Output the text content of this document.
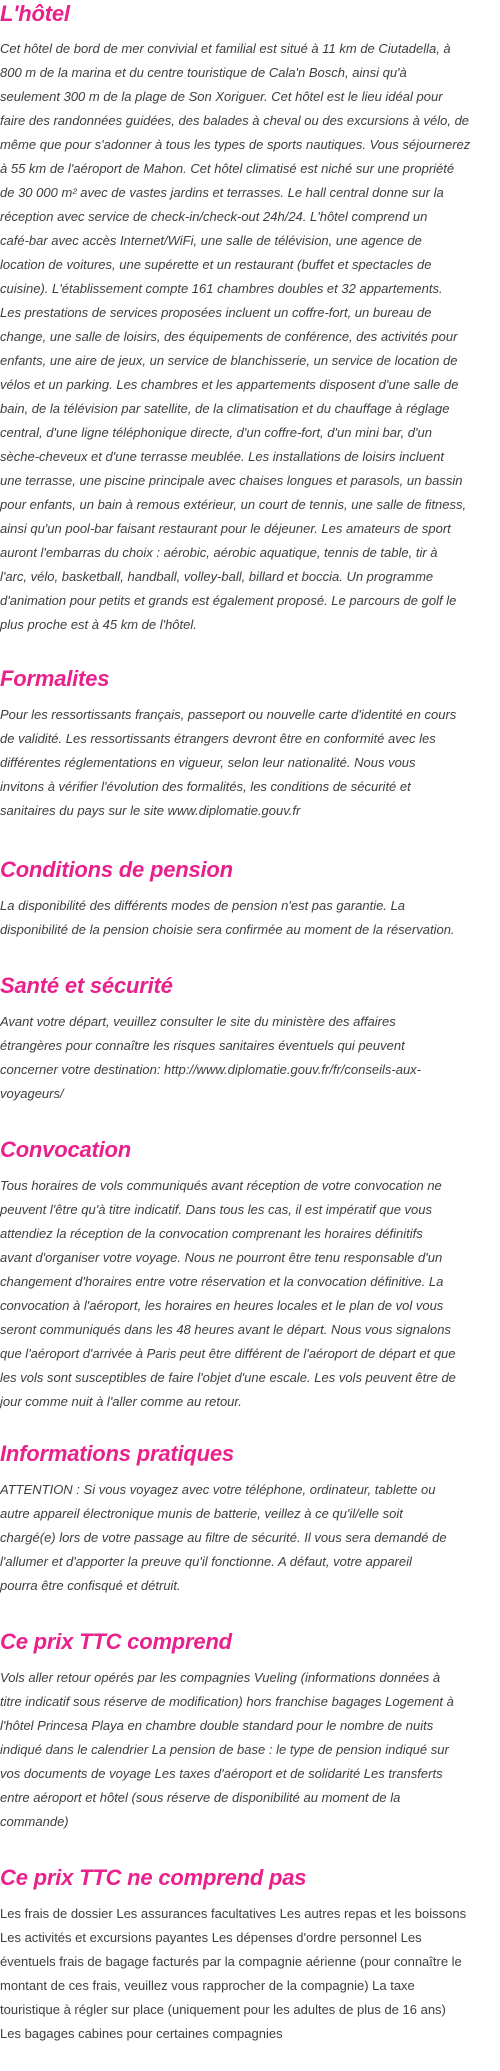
L'hôtel

Cet hôtel de bord de mer convivial et familial est situé à 11 km de Ciutadella, à
800 m de la marina et du centre touristique de Cala'n Bosch, ainsi qu'à
seulement 300 m de la plage de Son Xoriguer. Cet hôtel est le lieu idéal pour
faire des randonnées guidées, des balades à cheval ou des excursions à vélo, de
même que pour s'adonner à tous les types de sports nautiques. Vous séjournerez
à 55 km de l'aéroport de Mahon. Cet hôtel climatisé est niché sur une propriété
de 30 000 m² avec de vastes jardins et terrasses. Le hall central donne sur la
réception avec service de check-in/check-out 24h/24. L'hôtel comprend un
café-bar avec accès Internet/WiFi, une salle de télévision, une agence de
location de voitures, une supérette et un restaurant (buffet et spectacles de
cuisine). L'établissement compte 161 chambres doubles et 32 appartements.
Les prestations de services proposées incluent un coffre-fort, un bureau de
change, une salle de loisirs, des équipements de conférence, des activités pour
enfants, une aire de jeux, un service de blanchisserie, un service de location de
vélos et un parking. Les chambres et les appartements disposent d'une salle de
bain, de la télévision par satellite, de la climatisation et du chauffage à réglage
central, d'une ligne téléphonique directe, d'un coffre-fort, d'un mini bar, d'un
sèche-cheveux et d'une terrasse meublée. Les installations de loisirs incluent
une terrasse, une piscine principale avec chaises longues et parasols, un bassin
pour enfants, un bain à remous extérieur, un court de tennis, une salle de fitness,
ainsi qu'un pool-bar faisant restaurant pour le déjeuner. Les amateurs de sport
auront l'embarras du choix : aérobic, aérobic aquatique, tennis de table, tir à
l'arc, vélo, basketball, handball, volley-ball, billard et boccia. Un programme
d'animation pour petits et grands est également proposé. Le parcours de golf le
plus proche est à 45 km de l'hôtel.

Formalites

Pour les ressortissants français, passeport ou nouvelle carte d'identité en cours
de validité. Les ressortissants étrangers devront être en conformité avec les
différentes réglementations en vigueur, selon leur nationalité. Nous vous
invitons à vérifier l'évolution des formalités, les conditions de sécurité et
sanitaires du pays sur le site www.diplomatie.gouv.fr

Conditions de pension

La disponibilité des différents modes de pension n'est pas garantie. La
disponibilité de la pension choisie sera confirmée au moment de la réservation.

Santé et sécurité

Avant votre départ, veuillez consulter le site du ministère des affaires
étrangères pour connaître les risques sanitaires éventuels qui peuvent
concerner votre destination: http://www.diplomatie.gouv.fr/fr/conseils-aux-
voyageurs/

Convocation

Tous horaires de vols communiqués avant réception de votre convocation ne
peuvent l'être qu'à titre indicatif. Dans tous les cas, il est impératif que vous
attendiez la réception de la convocation comprenant les horaires définitifs
avant d'organiser votre voyage. Nous ne pourront être tenu responsable d'un
changement d'horaires entre votre réservation et la convocation définitive. La
convocation à l'aéroport, les horaires en heures locales et le plan de vol vous
seront communiqués dans les 48 heures avant le départ. Nous vous signalons
que l'aéroport d'arrivée à Paris peut être différent de l'aéroport de départ et que
les vols sont susceptibles de faire l'objet d'une escale. Les vols peuvent être de
jour comme nuit à l'aller comme au retour.

Informations pratiques

ATTENTION : Si vous voyagez avec votre téléphone, ordinateur, tablette ou
autre appareil électronique munis de batterie, veillez à ce qu'il/elle soit
chargé(e) lors de votre passage au filtre de sécurité. Il vous sera demandé de
l'allumer et d'apporter la preuve qu'il fonctionne. A défaut, votre appareil
pourra être confisqué et détruit.

Ce prix TTC comprend

Vols aller retour opérés par les compagnies Vueling (informations données à
titre indicatif sous réserve de modification) hors franchise bagages Logement à
l'hôtel Princesa Playa en chambre double standard pour le nombre de nuits
indiqué dans le calendrier La pension de base : le type de pension indiqué sur
vos documents de voyage Les taxes d'aéroport et de solidarité Les transferts
entre aéroport et hôtel (sous réserve de disponibilité au moment de la
commande)

Ce prix TTC ne comprend pas

Les frais de dossier Les assurances facultatives Les autres repas et les boissons
Les activités et excursions payantes Les dépenses d'ordre personnel Les
éventuels frais de bagage facturés par la compagnie aérienne (pour connaître le
montant de ces frais, veuillez vous rapprocher de la compagnie) La taxe
touristique à régler sur place (uniquement pour les adultes de plus de 16 ans)
Les bagages cabines pour certaines compagnies
